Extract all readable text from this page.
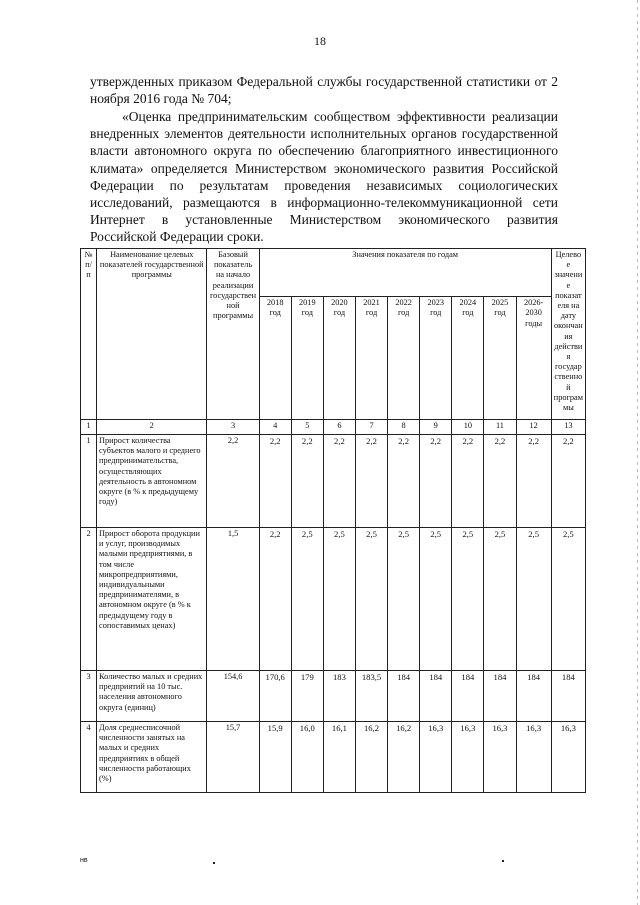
18

утвержденных приказом Федеральной службы государственной статистики от 2 ноября 2016 года № 704;

«Оценка предпринимательским сообществом эффективности реализации внедренных элементов деятельности исполнительных органов государственной власти автономного округа по обеспечению благоприятного инвестиционного климата» определяется Министерством экономического развития Российской Федерации по результатам проведения независимых социологических исследований, размещаются в информационно-телекоммуникационной сети Интернет в установленные Министерством экономического развития Российской Федерации сроки.

№ п/п	Наименование целевых показателей государственной программы	Базовый показатель на начало реализации государственной программы	Значения показателя по годам									Целевое значение показателя на дату окончания действия государственной программы
			2018 год	2019 год	2020 год	2021 год	2022 год	2023 год	2024 год	2025 год	2026-2030 годы	
1	2	3	4	5	6	7	8	9	10	11	12	13
1	Прирост количества субъектов малого и среднего предпринимательства, осуществляющих деятельность в автономном округе (в % к предыдущему году)	2,2	2,2	2,2	2,2	2,2	2,2	2,2	2,2	2,2	2,2	2,2
2	Прирост оборота продукции и услуг, производимых малыми предприятиями, в том числе микропредприятиями, индивидуальными предпринимателями, в автономном округе (в % к предыдущему году в сопоставимых ценах)	1,5	2,2	2,5	2,5	2,5	2,5	2,5	2,5	2,5	2,5	2,5
3	Количество малых и средних предприятий на 10 тыс. населения автономного округа (единиц)	154,6	170,6	179	183	183,5	184	184	184	184	184	184
4	Доля среднесписочной численности занятых на малых и средних предприятиях в общей численности работающих (%)	15,7	15,9	16,0	16,1	16,2	16,2	16,3	16,3	16,3	16,3	16,3
нв
